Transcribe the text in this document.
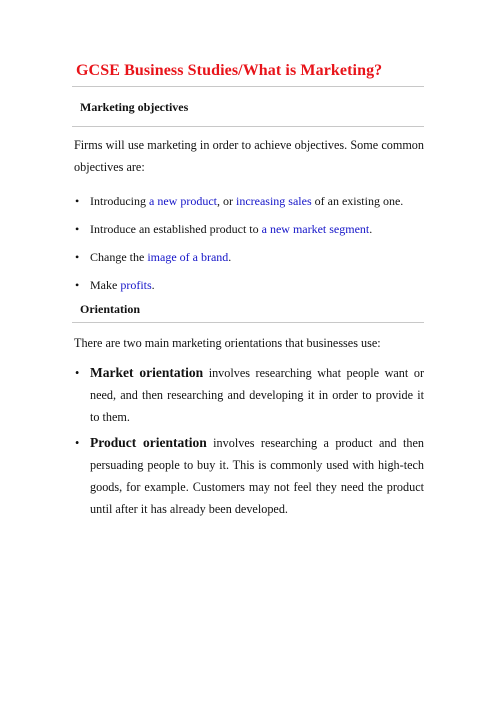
GCSE Business Studies/What is Marketing?
Marketing objectives

Firms will use marketing in order to achieve objectives. Some common objectives are:

• Introducing a new product, or increasing sales of an existing one.
• Introduce an established product to a new market segment.
• Change the image of a brand.
• Make profits.
Orientation

There are two main marketing orientations that businesses use:

• Market orientation involves researching what people want or need, and then researching and developing it in order to provide it to them.
• Product orientation involves researching a product and then persuading people to buy it. This is commonly used with high-tech goods, for example. Customers may not feel they need the product until after it has already been developed.
